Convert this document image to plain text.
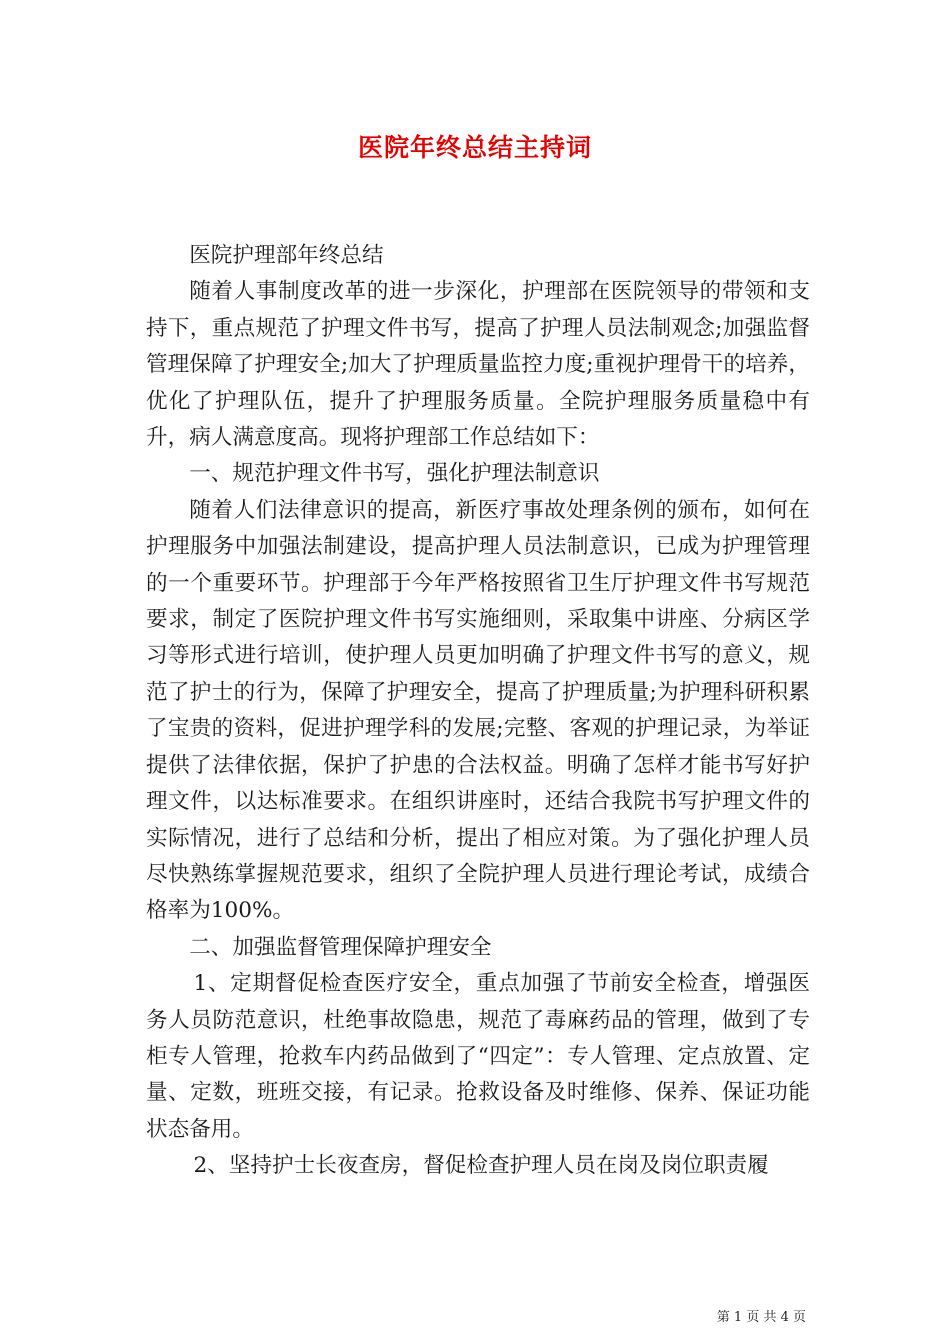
医院年终总结主持词

医院护理部年终总结

随着人事制度改革的进一步深化，护理部在医院领导的带领和支持下，重点规范了护理文件书写，提高了护理人员法制观念;加强监督管理保障了护理安全;加大了护理质量监控力度;重视护理骨干的培养，优化了护理队伍，提升了护理服务质量。全院护理服务质量稳中有升，病人满意度高。现将护理部工作总结如下：

一、规范护理文件书写，强化护理法制意识

随着人们法律意识的提高，新医疗事故处理条例的颁布，如何在护理服务中加强法制建设，提高护理人员法制意识，已成为护理管理的一个重要环节。护理部于今年严格按照省卫生厅护理文件书写规范要求，制定了医院护理文件书写实施细则，采取集中讲座、分病区学习等形式进行培训，使护理人员更加明确了护理文件书写的意义，规范了护士的行为，保障了护理安全，提高了护理质量;为护理科研积累了宝贵的资料，促进护理学科的发展;完整、客观的护理记录，为举证提供了法律依据，保护了护患的合法权益。明确了怎样才能书写好护理文件，以达标准要求。在组织讲座时，还结合我院书写护理文件的实际情况，进行了总结和分析，提出了相应对策。为了强化护理人员尽快熟练掌握规范要求，组织了全院护理人员进行理论考试，成绩合格率为100%。

二、加强监督管理保障护理安全

1、定期督促检查医疗安全，重点加强了节前安全检查，增强医务人员防范意识，杜绝事故隐患，规范了毒麻药品的管理，做到了专柜专人管理，抢救车内药品做到了“四定”：专人管理、定点放置、定量、定数，班班交接，有记录。抢救设备及时维修、保养、保证功能状态备用。

2、坚持护士长夜查房，督促检查护理人员在岗及岗位职责履

第 1 页 共 4 页
